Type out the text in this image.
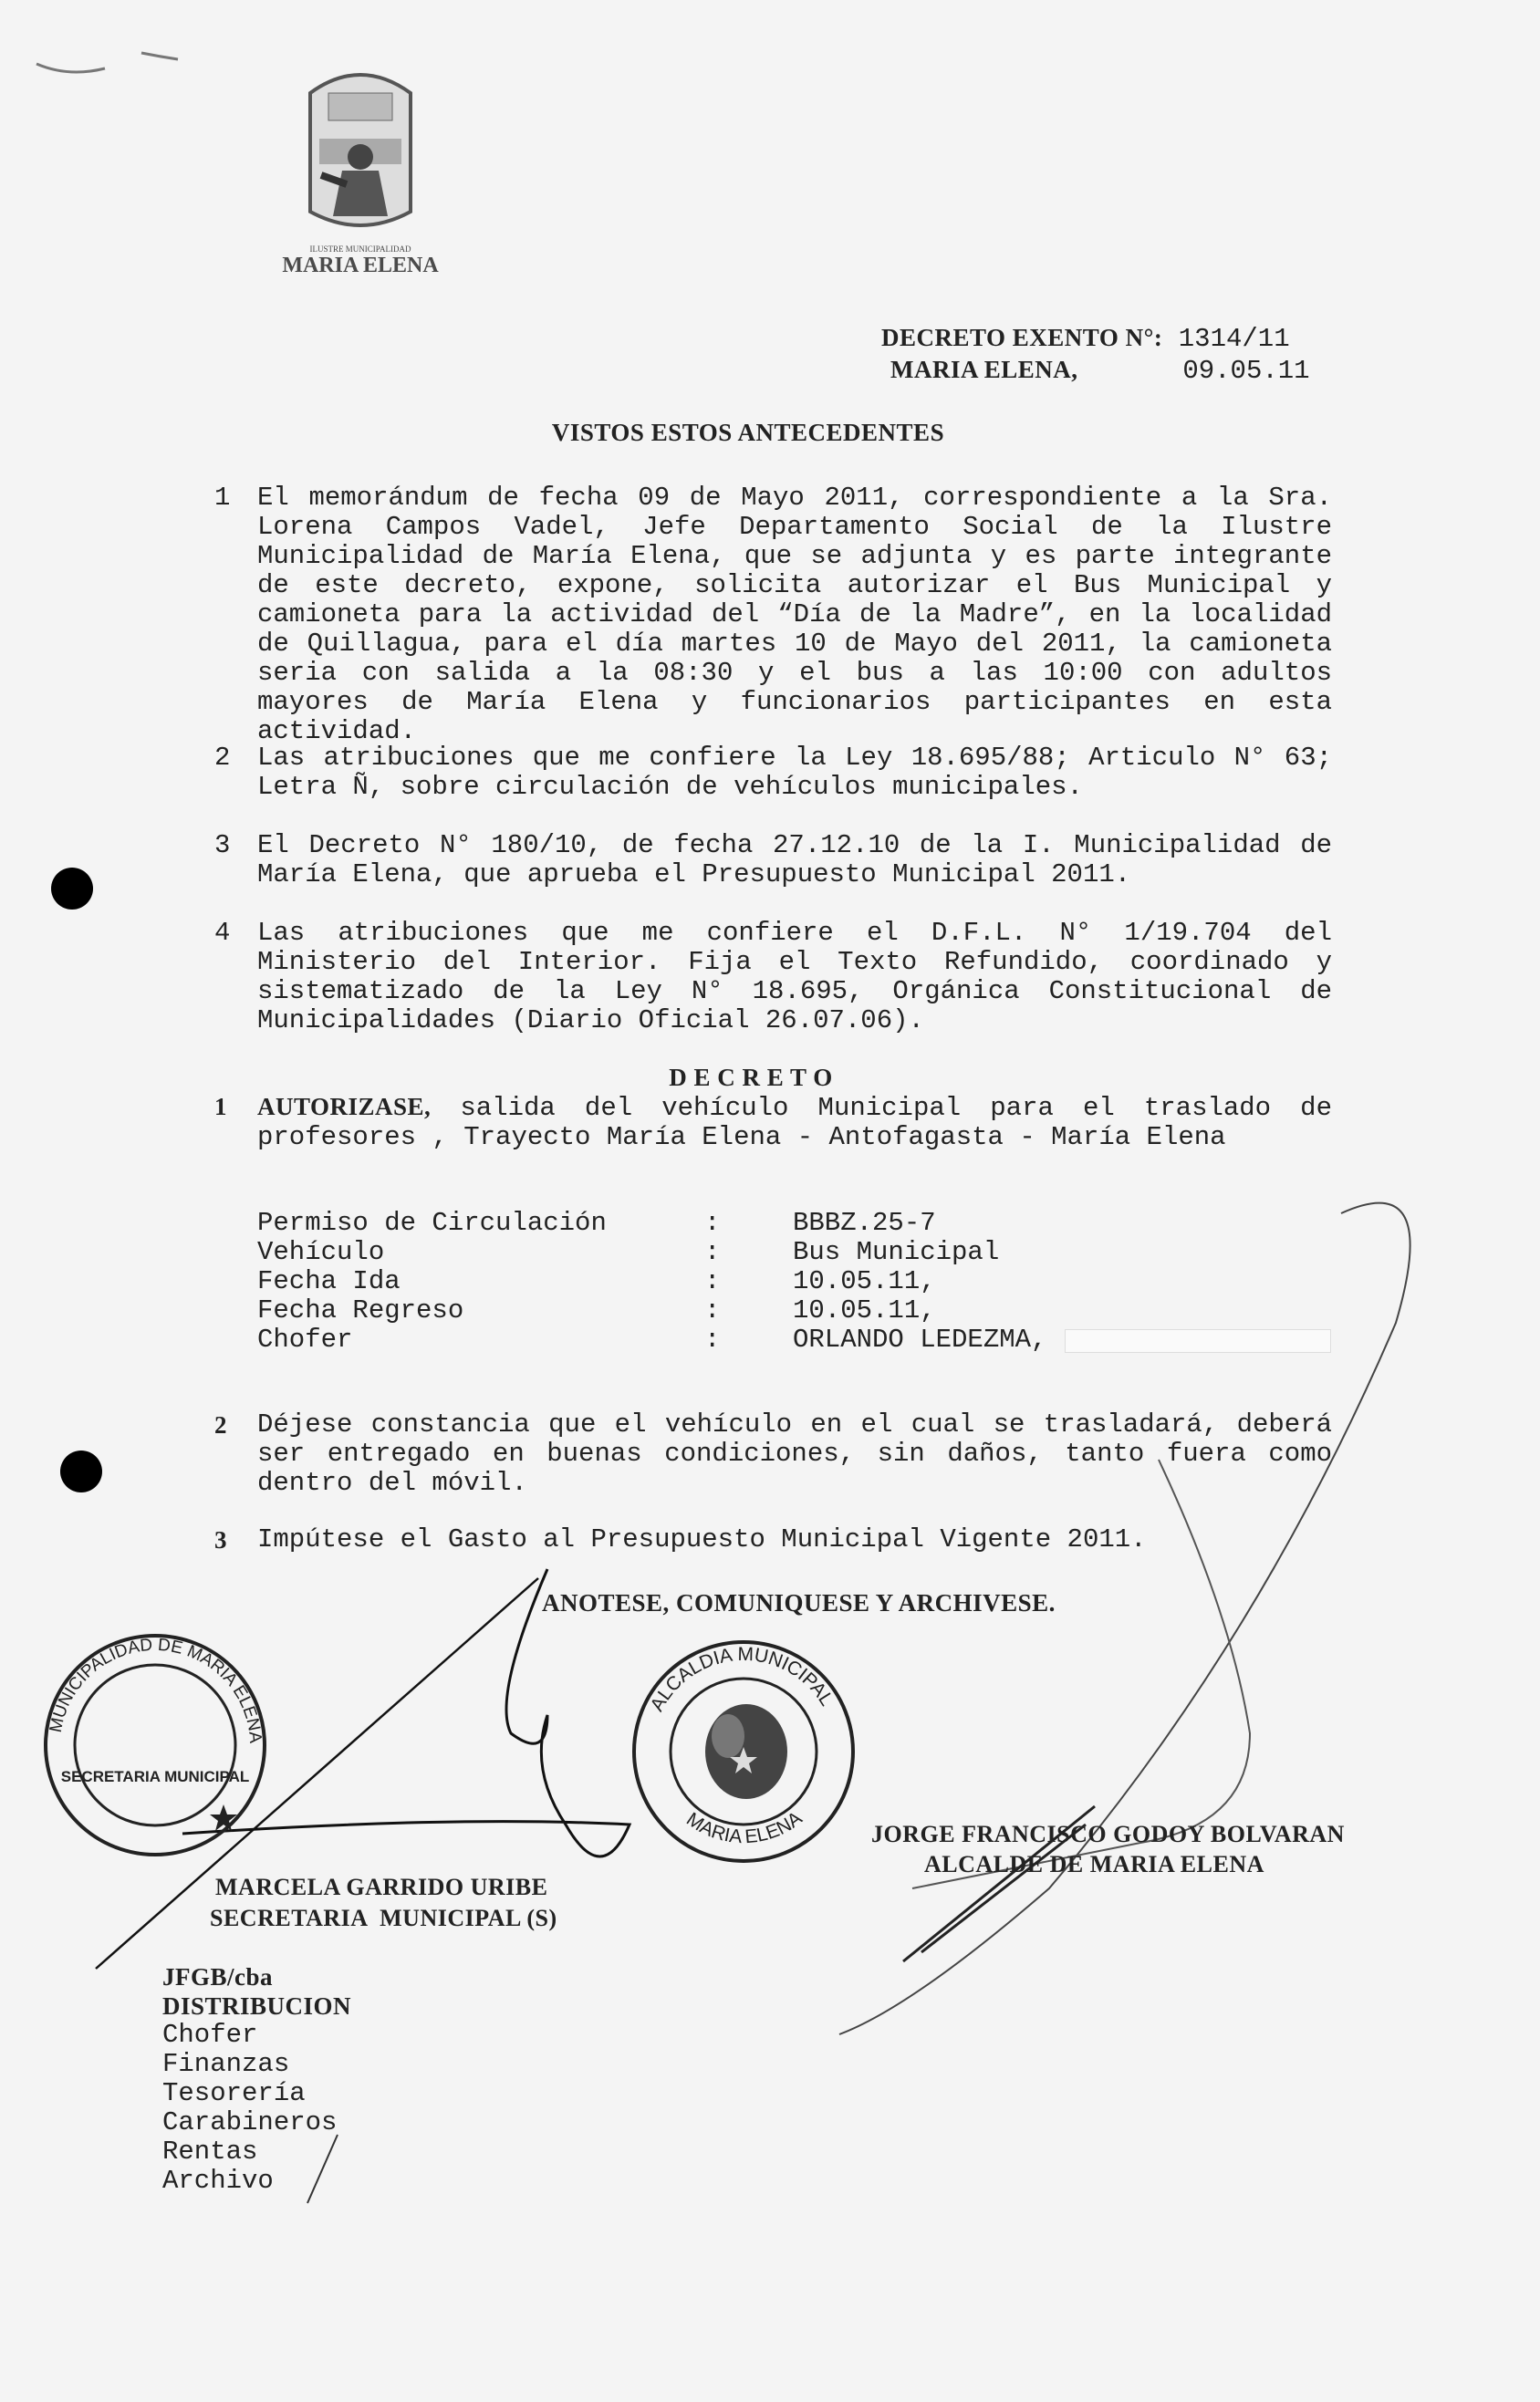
ILUSTRE MUNICIPALIDAD
MARIA ELENA
DECRETO EXENTO N°: 1314/11
MARIA ELENA,	09.05.11
VISTOS ESTOS ANTECEDENTES
1 El memorándum de fecha 09 de Mayo 2011, correspondiente a la Sra. Lorena Campos Vadel, Jefe Departamento Social de la Ilustre Municipalidad de María Elena, que se adjunta y es parte integrante de este decreto, expone, solicita autorizar el Bus Municipal y camioneta para la actividad del “Día de la Madre”, en la localidad de Quillagua, para el día martes 10 de Mayo del 2011, la camioneta seria con salida a la 08:30 y el bus a las 10:00 con adultos mayores de María Elena y funcionarios participantes en esta actividad.
2 Las atribuciones que me confiere la Ley 18.695/88; Articulo N° 63; Letra Ñ, sobre circulación de vehículos municipales.
3 El Decreto N° 180/10, de fecha 27.12.10 de la I. Municipalidad de María Elena, que aprueba el Presupuesto Municipal 2011.
4 Las atribuciones que me confiere el D.F.L. N° 1/19.704 del Ministerio del Interior. Fija el Texto Refundido, coordinado y sistematizado de la Ley N° 18.695, Orgánica Constitucional de Municipalidades (Diario Oficial 26.07.06).
D E C R E T O
1 AUTORIZASE, salida del vehículo Municipal para el traslado de profesores , Trayecto María Elena - Antofagasta - María Elena
Permiso de Circulación	:	BBBZ.25-7
Vehículo	:	Bus Municipal
Fecha Ida	:	10.05.11,
Fecha Regreso	:	10.05.11,
Chofer	:	ORLANDO LEDEZMA,
2 Déjese constancia que el vehículo en el cual se trasladará, deberá ser entregado en buenas condiciones, sin daños, tanto fuera como dentro del móvil.
3 Impútese el Gasto al Presupuesto Municipal Vigente 2011.
ANOTESE, COMUNIQUESE Y ARCHIVESE.
MUNICIPALIDAD DE MARIA ELENA
SECRETARIA MUNICIPAL
ALCALDIA MUNICIPAL
MARIA ELENA
JORGE FRANCISCO GODOY BOLVARAN
ALCALDE DE MARIA ELENA
MARCELA GARRIDO URIBE
SECRETARIA  MUNICIPAL (S)
JFGB/cba
DISTRIBUCION
Chofer
Finanzas
Tesorería
Carabineros
Rentas
Archivo
